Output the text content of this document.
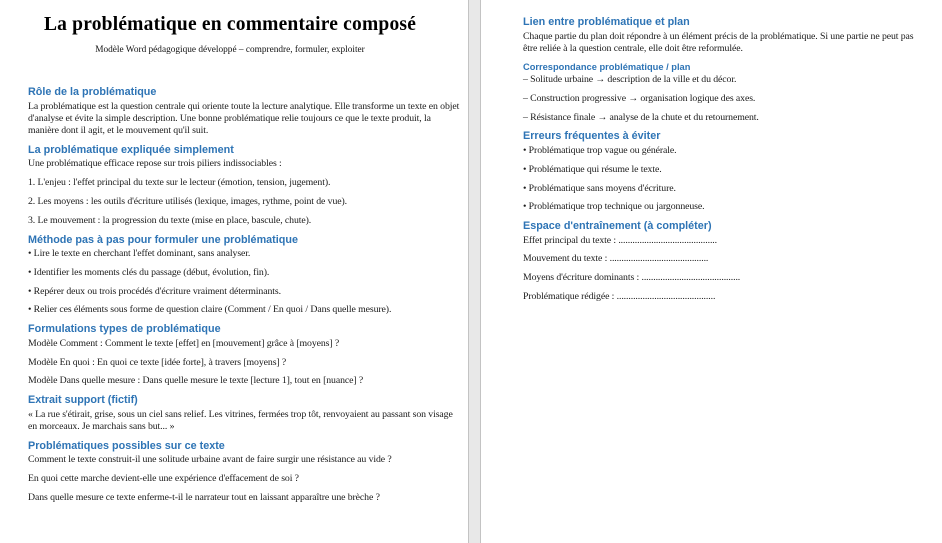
La problématique en commentaire composé
Modèle Word pédagogique développé – comprendre, formuler, exploiter
Rôle de la problématique

La problématique est la question centrale qui oriente toute la lecture analytique. Elle transforme un texte en objet d'analyse et évite la simple description. Une bonne problématique relie toujours ce que le texte produit, la manière dont il agit, et le mouvement qu'il suit.

La problématique expliquée simplement

Une problématique efficace repose sur trois piliers indissociables :

1. L'enjeu : l'effet principal du texte sur le lecteur (émotion, tension, jugement).

2. Les moyens : les outils d'écriture utilisés (lexique, images, rythme, point de vue).

3. Le mouvement : la progression du texte (mise en place, bascule, chute).

Méthode pas à pas pour formuler une problématique

• Lire le texte en cherchant l'effet dominant, sans analyser.

• Identifier les moments clés du passage (début, évolution, fin).

• Repérer deux ou trois procédés d'écriture vraiment déterminants.

• Relier ces éléments sous forme de question claire (Comment / En quoi / Dans quelle mesure).

Formulations types de problématique

Modèle Comment : Comment le texte [effet] en [mouvement] grâce à [moyens] ?

Modèle En quoi : En quoi ce texte [idée forte], à travers [moyens] ?

Modèle Dans quelle mesure : Dans quelle mesure le texte [lecture 1], tout en [nuance] ?

Extrait support (fictif)

« La rue s'étirait, grise, sous un ciel sans relief. Les vitrines, fermées trop tôt, renvoyaient au passant son visage en morceaux. Je marchais sans but... »

Problématiques possibles sur ce texte

Comment le texte construit-il une solitude urbaine avant de faire surgir une résistance au vide ?

En quoi cette marche devient-elle une expérience d'effacement de soi ?

Dans quelle mesure ce texte enferme-t-il le narrateur tout en laissant apparaître une brèche ?

Lien entre problématique et plan

Chaque partie du plan doit répondre à un élément précis de la problématique. Si une partie ne peut pas être reliée à la question centrale, elle doit être reformulée.

Correspondance problématique / plan

– Solitude urbaine → description de la ville et du décor.

– Construction progressive → organisation logique des axes.

– Résistance finale → analyse de la chute et du retournement.

Erreurs fréquentes à éviter

• Problématique trop vague ou générale.

• Problématique qui résume le texte.

• Problématique sans moyens d'écriture.

• Problématique trop technique ou jargonneuse.

Espace d'entraînement (à compléter)

Effet principal du texte : ..........................................

Mouvement du texte : ..........................................

Moyens d'écriture dominants : ..........................................

Problématique rédigée : ..........................................
